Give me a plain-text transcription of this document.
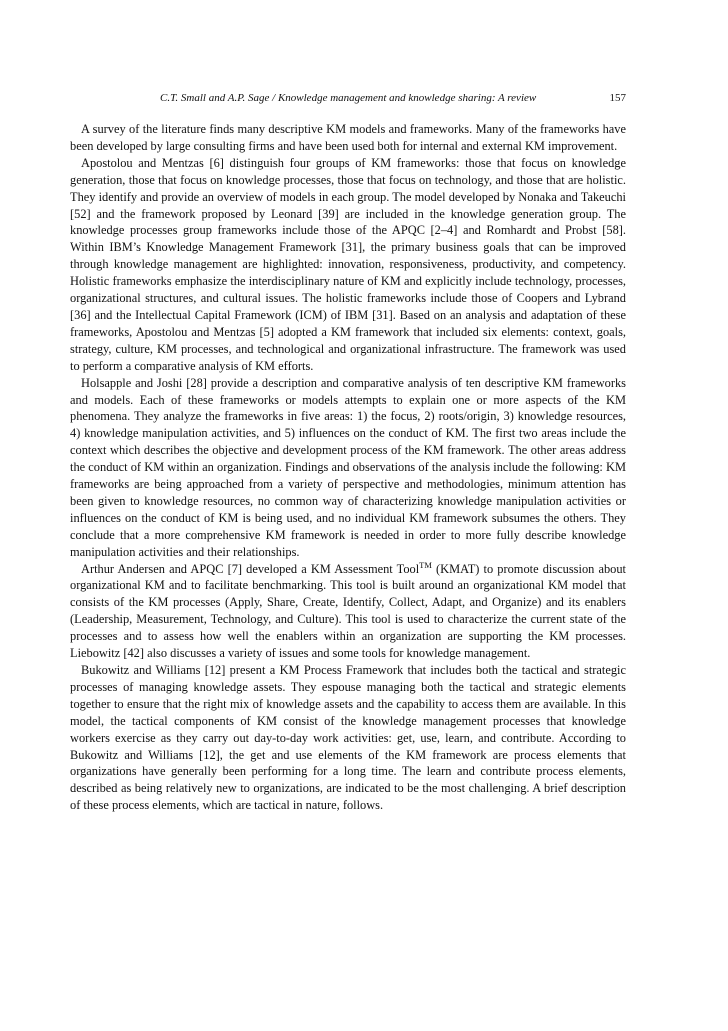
C.T. Small and A.P. Sage / Knowledge management and knowledge sharing: A review	157

A survey of the literature finds many descriptive KM models and frameworks. Many of the frameworks have been developed by large consulting firms and have been used both for internal and external KM improvement.

Apostolou and Mentzas [6] distinguish four groups of KM frameworks: those that focus on knowledge generation, those that focus on knowledge processes, those that focus on technology, and those that are holistic. They identify and provide an overview of models in each group. The model developed by Nonaka and Takeuchi [52] and the framework proposed by Leonard [39] are included in the knowledge generation group. The knowledge processes group frameworks include those of the APQC [2–4] and Romhardt and Probst [58]. Within IBM’s Knowledge Management Framework [31], the primary business goals that can be improved through knowledge management are highlighted: innovation, responsiveness, productivity, and competency. Holistic frameworks emphasize the interdisciplinary nature of KM and explicitly include technology, processes, organizational structures, and cultural issues. The holistic frameworks include those of Coopers and Lybrand [36] and the Intellectual Capital Framework (ICM) of IBM [31]. Based on an analysis and adaptation of these frameworks, Apostolou and Mentzas [5] adopted a KM framework that included six elements: context, goals, strategy, culture, KM processes, and technological and organizational infrastructure. The framework was used to perform a comparative analysis of KM efforts.

Holsapple and Joshi [28] provide a description and comparative analysis of ten descriptive KM frameworks and models. Each of these frameworks or models attempts to explain one or more aspects of the KM phenomena. They analyze the frameworks in five areas: 1) the focus, 2) roots/origin, 3) knowledge resources, 4) knowledge manipulation activities, and 5) influences on the conduct of KM. The first two areas include the context which describes the objective and development process of the KM framework. The other areas address the conduct of KM within an organization. Findings and observations of the analysis include the following: KM frameworks are being approached from a variety of perspective and methodologies, minimum attention has been given to knowledge resources, no common way of characterizing knowledge manipulation activities or influences on the conduct of KM is being used, and no individual KM framework subsumes the others. They conclude that a more comprehensive KM framework is needed in order to more fully describe knowledge manipulation activities and their relationships.

Arthur Andersen and APQC [7] developed a KM Assessment Tool™ (KMAT) to promote discussion about organizational KM and to facilitate benchmarking. This tool is built around an organizational KM model that consists of the KM processes (Apply, Share, Create, Identify, Collect, Adapt, and Organize) and its enablers (Leadership, Measurement, Technology, and Culture). This tool is used to characterize the current state of the processes and to assess how well the enablers within an organization are supporting the KM processes. Liebowitz [42] also discusses a variety of issues and some tools for knowledge management.

Bukowitz and Williams [12] present a KM Process Framework that includes both the tactical and strategic processes of managing knowledge assets. They espouse managing both the tactical and strategic elements together to ensure that the right mix of knowledge assets and the capability to access them are available. In this model, the tactical components of KM consist of the knowledge management processes that knowledge workers exercise as they carry out day-to-day work activities: get, use, learn, and contribute. According to Bukowitz and Williams [12], the get and use elements of the KM framework are process elements that organizations have generally been performing for a long time. The learn and contribute process elements, described as being relatively new to organizations, are indicated to be the most challenging. A brief description of these process elements, which are tactical in nature, follows.
